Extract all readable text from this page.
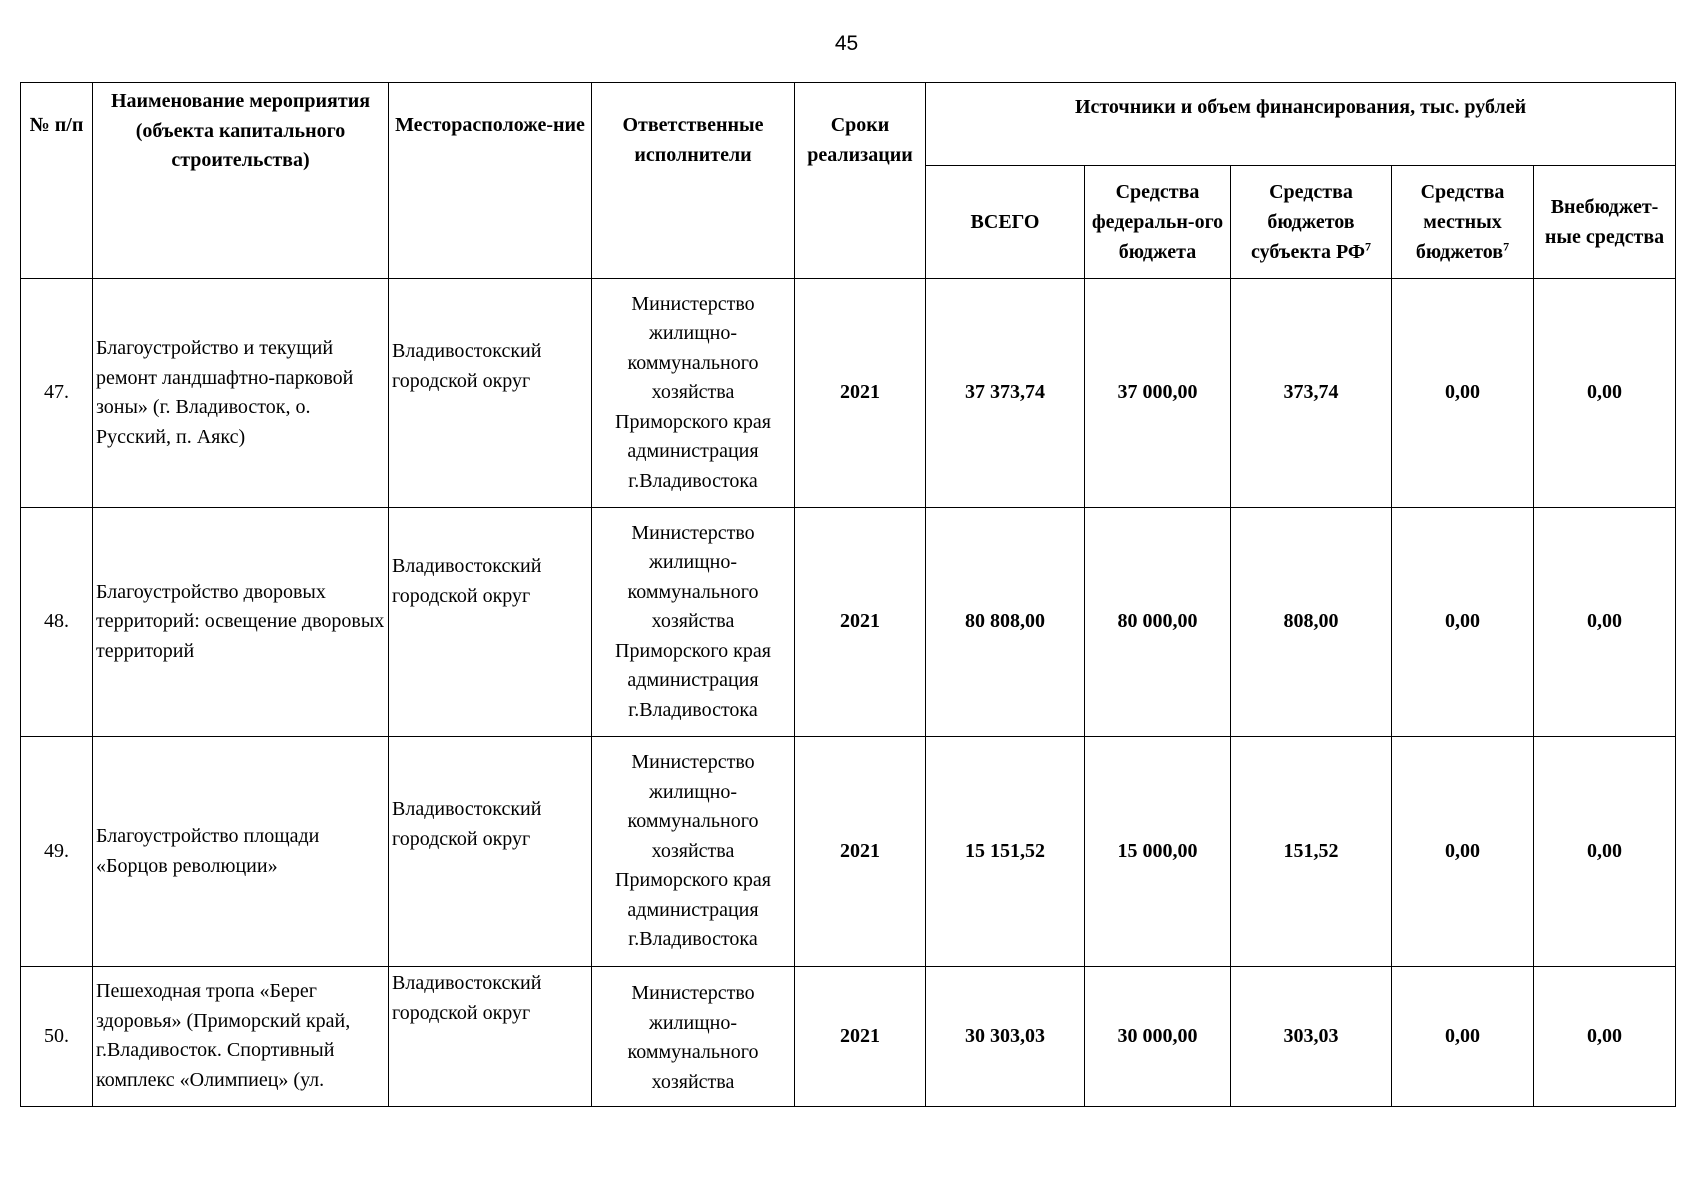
45
№ п/п	Наименование мероприятия (объекта капитального строительства)	Месторасположе-ние	Ответственные исполнители	Сроки реализации	Источники и объем финансирования, тыс. рублей				
					ВСЕГО	Средства федеральн-ого бюджета	Средства бюджетов субъекта $РФ^7$	Средства местных бюджетов$^7$	Внебюджет-ные средства
47.	Благоустройство и текущий ремонт ландшафтно-парковой зоны» (г. Владивосток, о. Русский, п. Аякс)	Владивостокский городской округ	Министерство жилищно-коммунального хозяйства Приморского края администрация г.Владивостока	2021	37 373,74	37 000,00	373,74	0,00	0,00
48.	Благоустройство дворовых территорий: освещение дворовых территорий	Владивостокский городской округ	Министерство жилищно-коммунального хозяйства Приморского края администрация г.Владивостока	2021	80 808,00	80 000,00	808,00	0,00	0,00
49.	Благоустройство площади «Борцов революции»	Владивостокский городской округ	Министерство жилищно-коммунального хозяйства Приморского края администрация г.Владивостока	2021	15 151,52	15 000,00	151,52	0,00	0,00
50.	Пешеходная тропа «Берег здоровья» (Приморский край, г.Владивосток. Спортивный комплекс «Олимпиец» (ул.	Владивостокский городской округ	Министерство жилищно-коммунального хозяйства	2021	30 303,03	30 000,00	303,03	0,00	0,00
